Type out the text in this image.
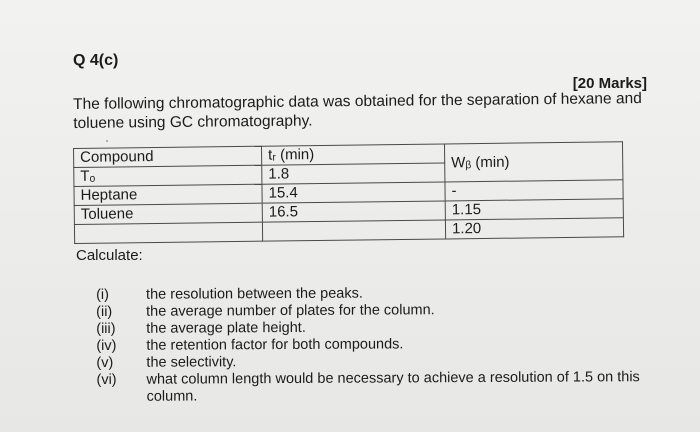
Q 4(c)
[20 Marks]
The following chromatographic data was obtained for the separation of hexane and toluene using GC chromatography.
Compound	tᵣ (min)	Wᵦ (min)
Tₒ	1.8	
Heptane	15.4	-
Toluene	16.5	1.15
		1.20
Calculate:
(i)	the resolution between the peaks.
(ii)	the average number of plates for the column.
(iii)	the average plate height.
(iv)	the retention factor for both compounds.
(v)	the selectivity.
(vi)	what column length would be necessary to achieve a resolution of 1.5 on this column.
